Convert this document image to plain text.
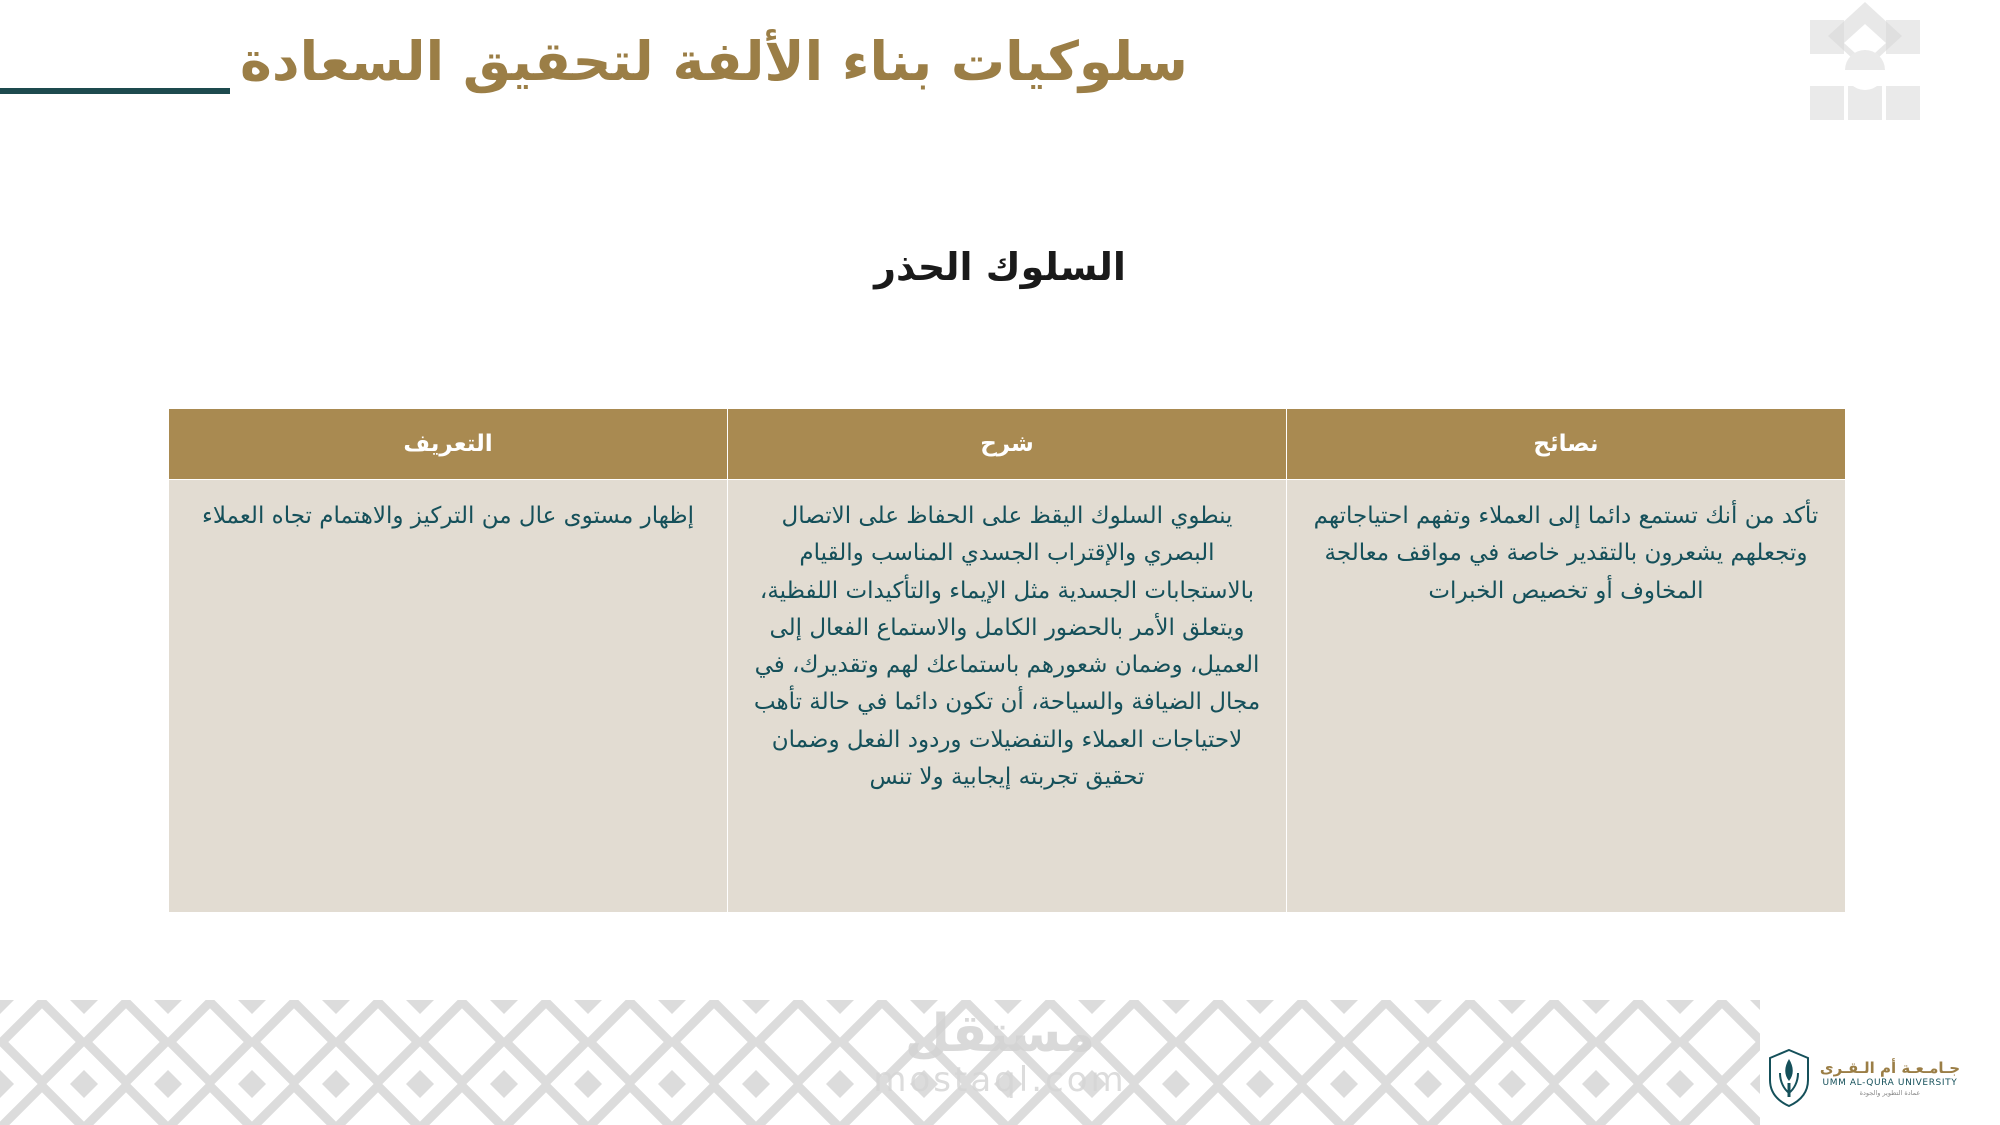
سلوكيات بناء الألفة لتحقيق السعادة
السلوك الحذر
نصائح	شرح	التعريف
تأكد من أنك تستمع دائما إلى العملاء وتفهم احتياجاتهم وتجعلهم يشعرون بالتقدير خاصة في مواقف معالجة المخاوف أو تخصيص الخبرات	ينطوي السلوك اليقظ على الحفاظ على الاتصال البصري والإقتراب الجسدي المناسب والقيام بالاستجابات الجسدية مثل الإيماء والتأكيدات اللفظية، ويتعلق الأمر بالحضور الكامل والاستماع الفعال إلى العميل، وضمان شعورهم باستماعك لهم وتقديرك، في مجال الضيافة والسياحة، أن تكون دائما في حالة تأهب لاحتياجات العملاء والتفضيلات وردود الفعل وضمان تحقيق تجربته إيجابية ولا تنس	إظهار مستوى عال من التركيز والاهتمام تجاه العملاء
مستقل
mostaql.com	جـامـعـة أم الـقـرى
UMM AL-QURA UNIVERSITY
عمادة التطوير والجودة
